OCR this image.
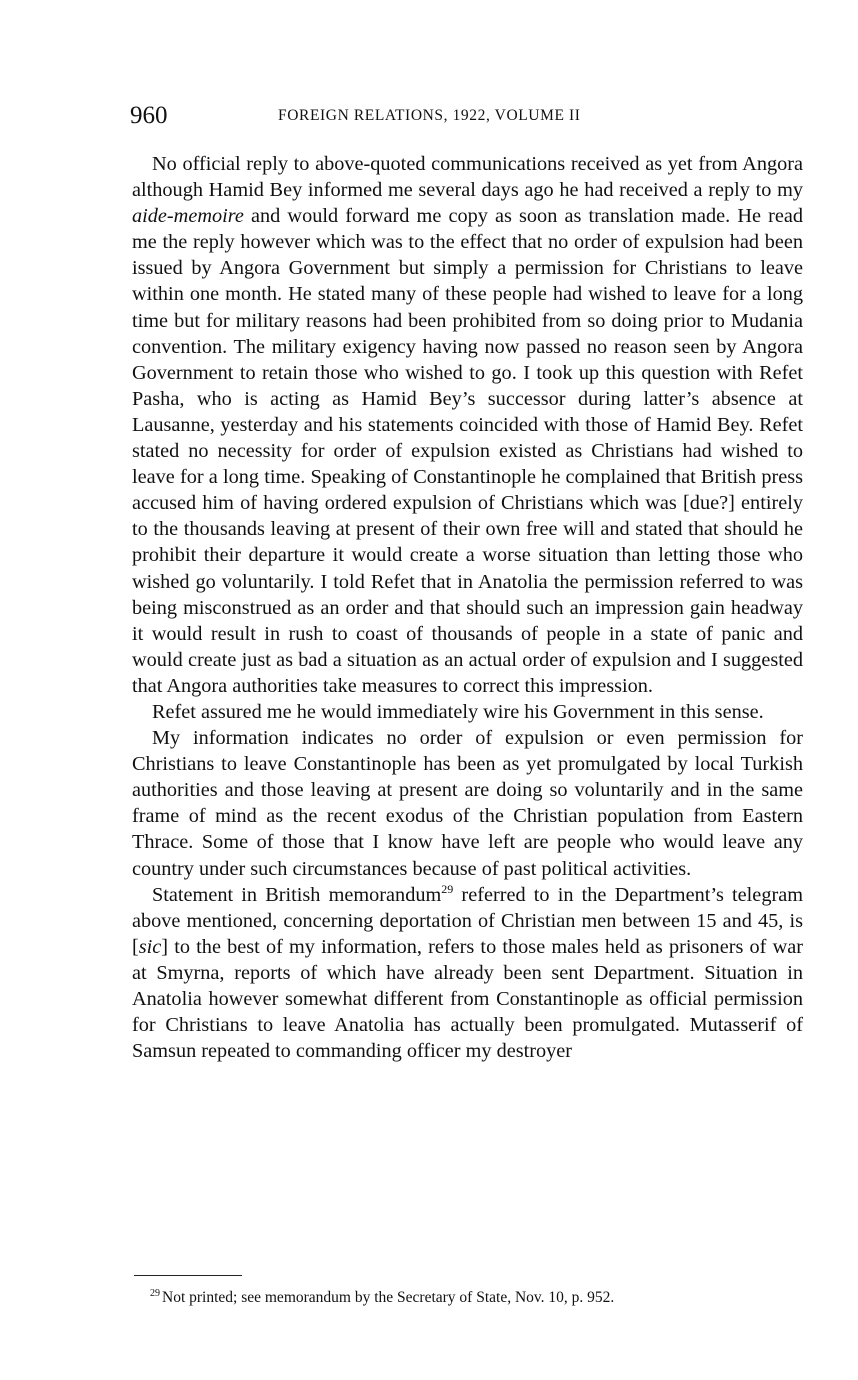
960	FOREIGN RELATIONS, 1922, VOLUME II

No official reply to above-quoted communications received as yet from Angora although Hamid Bey informed me several days ago he had received a reply to my aide-memoire and would forward me copy as soon as translation made. He read me the reply however which was to the effect that no order of expulsion had been issued by Angora Government but simply a permission for Christians to leave within one month. He stated many of these people had wished to leave for a long time but for military reasons had been prohibited from so doing prior to Mudania convention. The military exigency having now passed no reason seen by Angora Government to retain those who wished to go. I took up this question with Refet Pasha, who is acting as Hamid Bey’s successor during latter’s absence at Lausanne, yesterday and his statements coincided with those of Hamid Bey. Refet stated no necessity for order of expulsion existed as Christians had wished to leave for a long time. Speaking of Constantinople he complained that British press accused him of having ordered expulsion of Christians which was [due?] entirely to the thousands leaving at present of their own free will and stated that should he prohibit their departure it would create a worse situation than letting those who wished go voluntarily. I told Refet that in Anatolia the permission referred to was being misconstrued as an order and that should such an impression gain headway it would result in rush to coast of thousands of people in a state of panic and would create just as bad a situation as an actual order of expulsion and I suggested that Angora authorities take measures to correct this impression.

Refet assured me he would immediately wire his Government in this sense.

My information indicates no order of expulsion or even permission for Christians to leave Constantinople has been as yet promulgated by local Turkish authorities and those leaving at present are doing so voluntarily and in the same frame of mind as the recent exodus of the Christian population from Eastern Thrace. Some of those that I know have left are people who would leave any country under such circumstances because of past political activities.

Statement in British memorandum$^{29}$ referred to in the Department’s telegram above mentioned, concerning deportation of Christian men between 15 and 45, is [sic] to the best of my information, refers to those males held as prisoners of war at Smyrna, reports of which have already been sent Department. Situation in Anatolia however somewhat different from Constantinople as official permission for Christians to leave Anatolia has actually been promulgated. Mutasserif of Samsun repeated to commanding officer my destroyer

$^{29}$ Not printed; see memorandum by the Secretary of State, Nov. 10, p. 952.
